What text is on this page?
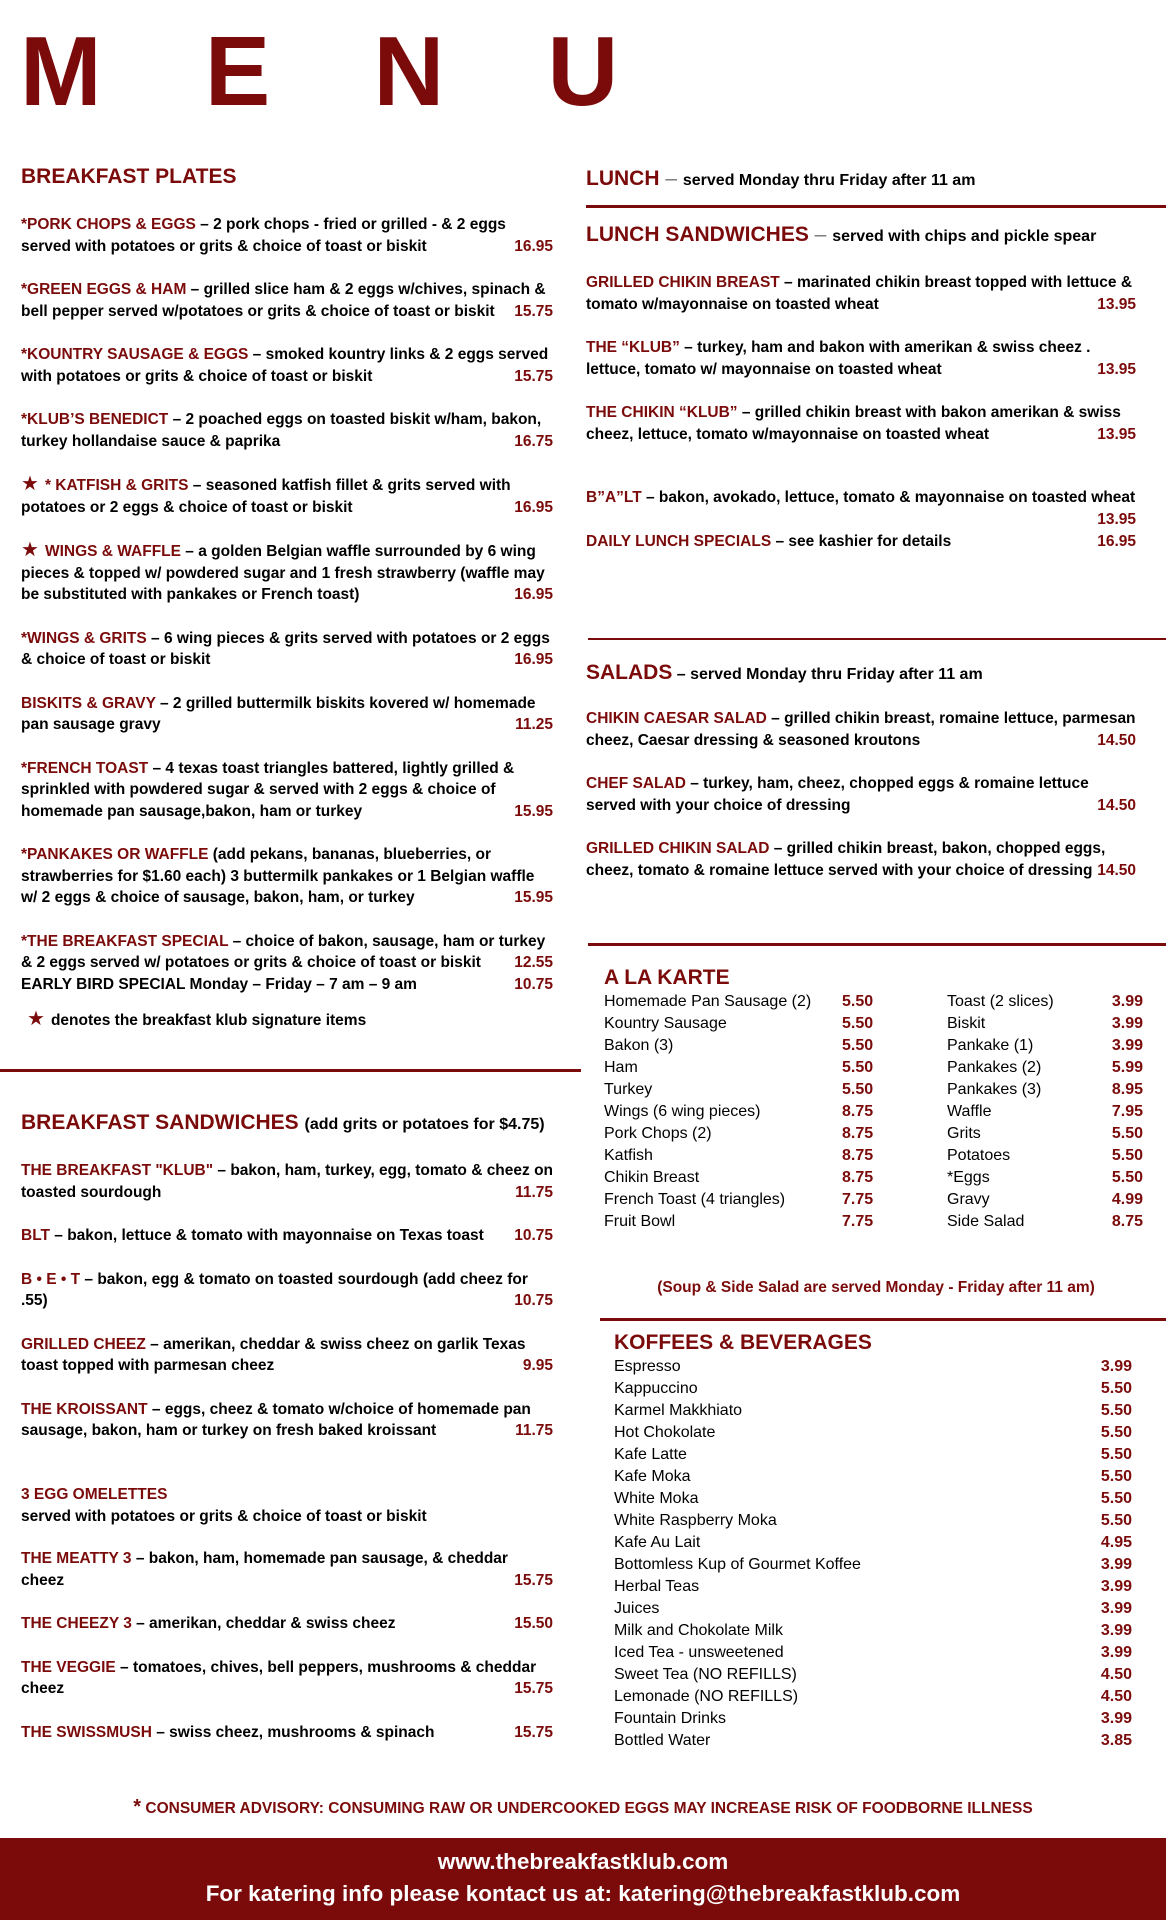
M E N U
BREAKFAST PLATES
*PORK CHOPS & EGGS – 2 pork chops - fried or grilled - & 2 eggs served with potatoes or grits & choice of toast or biskit	16.95
*GREEN EGGS & HAM – grilled slice ham & 2 eggs w/chives, spinach & bell pepper served w/potatoes or grits & choice of toast or biskit 15.75
*KOUNTRY SAUSAGE & EGGS – smoked kountry links & 2 eggs served with potatoes or grits & choice of toast or biskit	15.75
*KLUB’S BENEDICT – 2 poached eggs on toasted biskit w/ham, bakon, turkey hollandaise sauce & paprika	16.75
★ * KATFISH & GRITS – seasoned katfish fillet & grits served with potatoes or 2 eggs & choice of toast or biskit	16.95
★ WINGS & WAFFLE – a golden Belgian waffle surrounded by 6 wing pieces & topped w/ powdered sugar and 1 fresh strawberry (waffle may be substituted with pankakes or French toast)	16.95
*WINGS & GRITS – 6 wing pieces & grits served with potatoes or 2 eggs & choice of toast or biskit	16.95
BISKITS & GRAVY – 2 grilled buttermilk biskits kovered w/ homemade pan sausage gravy	11.25
*FRENCH TOAST – 4 texas toast triangles battered, lightly grilled & sprinkled with powdered sugar & served with 2 eggs & choice of homemade pan sausage,bakon, ham or turkey	15.95
*PANKAKES OR WAFFLE (add pekans, bananas, blueberries, or strawberries for $1.60 each) 3 buttermilk pankakes or 1 Belgian waffle w/ 2 eggs & choice of sausage, bakon, ham, or turkey	15.95
*THE BREAKFAST SPECIAL – choice of bakon, sausage, ham or turkey & 2 eggs served w/ potatoes or grits & choice of toast or biskit 12.55
EARLY BIRD SPECIAL Monday – Friday – 7 am – 9 am	10.75
★ denotes the breakfast klub signature items
BREAKFAST SANDWICHES (add grits or potatoes for $4.75)
THE BREAKFAST "KLUB" – bakon, ham, turkey, egg, tomato & cheez on toasted sourdough	11.75
BLT – bakon, lettuce & tomato with mayonnaise on Texas toast 10.75
B • E • T – bakon, egg & tomato on toasted sourdough (add cheez for .55)	10.75
GRILLED CHEEZ – amerikan, cheddar & swiss cheez on garlik Texas toast topped with parmesan cheez	9.95
THE KROISSANT – eggs, cheez & tomato w/choice of homemade pan sausage, bakon, ham or turkey on fresh baked kroissant	11.75
3 EGG OMELETTES
served with potatoes or grits & choice of toast or biskit
THE MEATTY 3 – bakon, ham, homemade pan sausage, & cheddar cheez	15.75
THE CHEEZY 3 – amerikan, cheddar & swiss cheez	15.50
THE VEGGIE – tomatoes, chives, bell peppers, mushrooms & cheddar cheez	15.75
THE SWISSMUSH – swiss cheez, mushrooms & spinach	15.75
LUNCH – served Monday thru Friday after 11 am
LUNCH SANDWICHES – served with chips and pickle spear
GRILLED CHIKIN BREAST – marinated chikin breast topped with lettuce & tomato w/mayonnaise on toasted wheat	13.95
THE “KLUB” – turkey, ham and bakon with amerikan & swiss cheez . lettuce, tomato w/ mayonnaise on toasted wheat	13.95
THE CHIKIN “KLUB” – grilled chikin breast with bakon amerikan & swiss cheez, lettuce, tomato w/mayonnaise on toasted wheat	13.95
B”A”LT – bakon, avokado, lettuce, tomato & mayonnaise on toasted wheat
13.95
DAILY LUNCH SPECIALS – see kashier for details	16.95
SALADS – served Monday thru Friday after 11 am
CHIKIN CAESAR SALAD – grilled chikin breast, romaine lettuce, parmesan cheez, Caesar dressing & seasoned kroutons	14.50
CHEF SALAD – turkey, ham, cheez, chopped eggs & romaine lettuce served with your choice of dressing	14.50
GRILLED CHIKIN SALAD – grilled chikin breast, bakon, chopped eggs, cheez, tomato & romaine lettuce served with your choice of dressing 14.50
A LA KARTE
Homemade Pan Sausage (2)	5.50	Toast (2 slices)	3.99
Kountry Sausage	5.50	Biskit	3.99
Bakon (3)	5.50	Pankake (1)	3.99
Ham	5.50	Pankakes (2)	5.99
Turkey	5.50	Pankakes (3)	8.95
Wings (6 wing pieces)	8.75	Waffle	7.95
Pork Chops (2)	8.75	Grits	5.50
Katfish	8.75	Potatoes	5.50
Chikin Breast	8.75	*Eggs	5.50
French Toast (4 triangles)	7.75	Gravy	4.99
Fruit Bowl	7.75	Side Salad	8.75
(Soup & Side Salad are served Monday - Friday after 11 am)
KOFFEES & BEVERAGES
Espresso	3.99
Kappuccino	5.50
Karmel Makkhiato	5.50
Hot Chokolate	5.50
Kafe Latte	5.50
Kafe Moka	5.50
White Moka	5.50
White Raspberry Moka	5.50
Kafe Au Lait	4.95
Bottomless Kup of Gourmet Koffee	3.99
Herbal Teas	3.99
Juices	3.99
Milk and Chokolate Milk	3.99
Iced Tea - unsweetened	3.99
Sweet Tea (NO REFILLS)	4.50
Lemonade (NO REFILLS)	4.50
Fountain Drinks	3.99
Bottled Water	3.85
* CONSUMER ADVISORY: CONSUMING RAW OR UNDERCOOKED EGGS MAY INCREASE RISK OF FOODBORNE ILLNESS
www.thebreakfastklub.com
For katering info please kontact us at: katering@thebreakfastklub.com
